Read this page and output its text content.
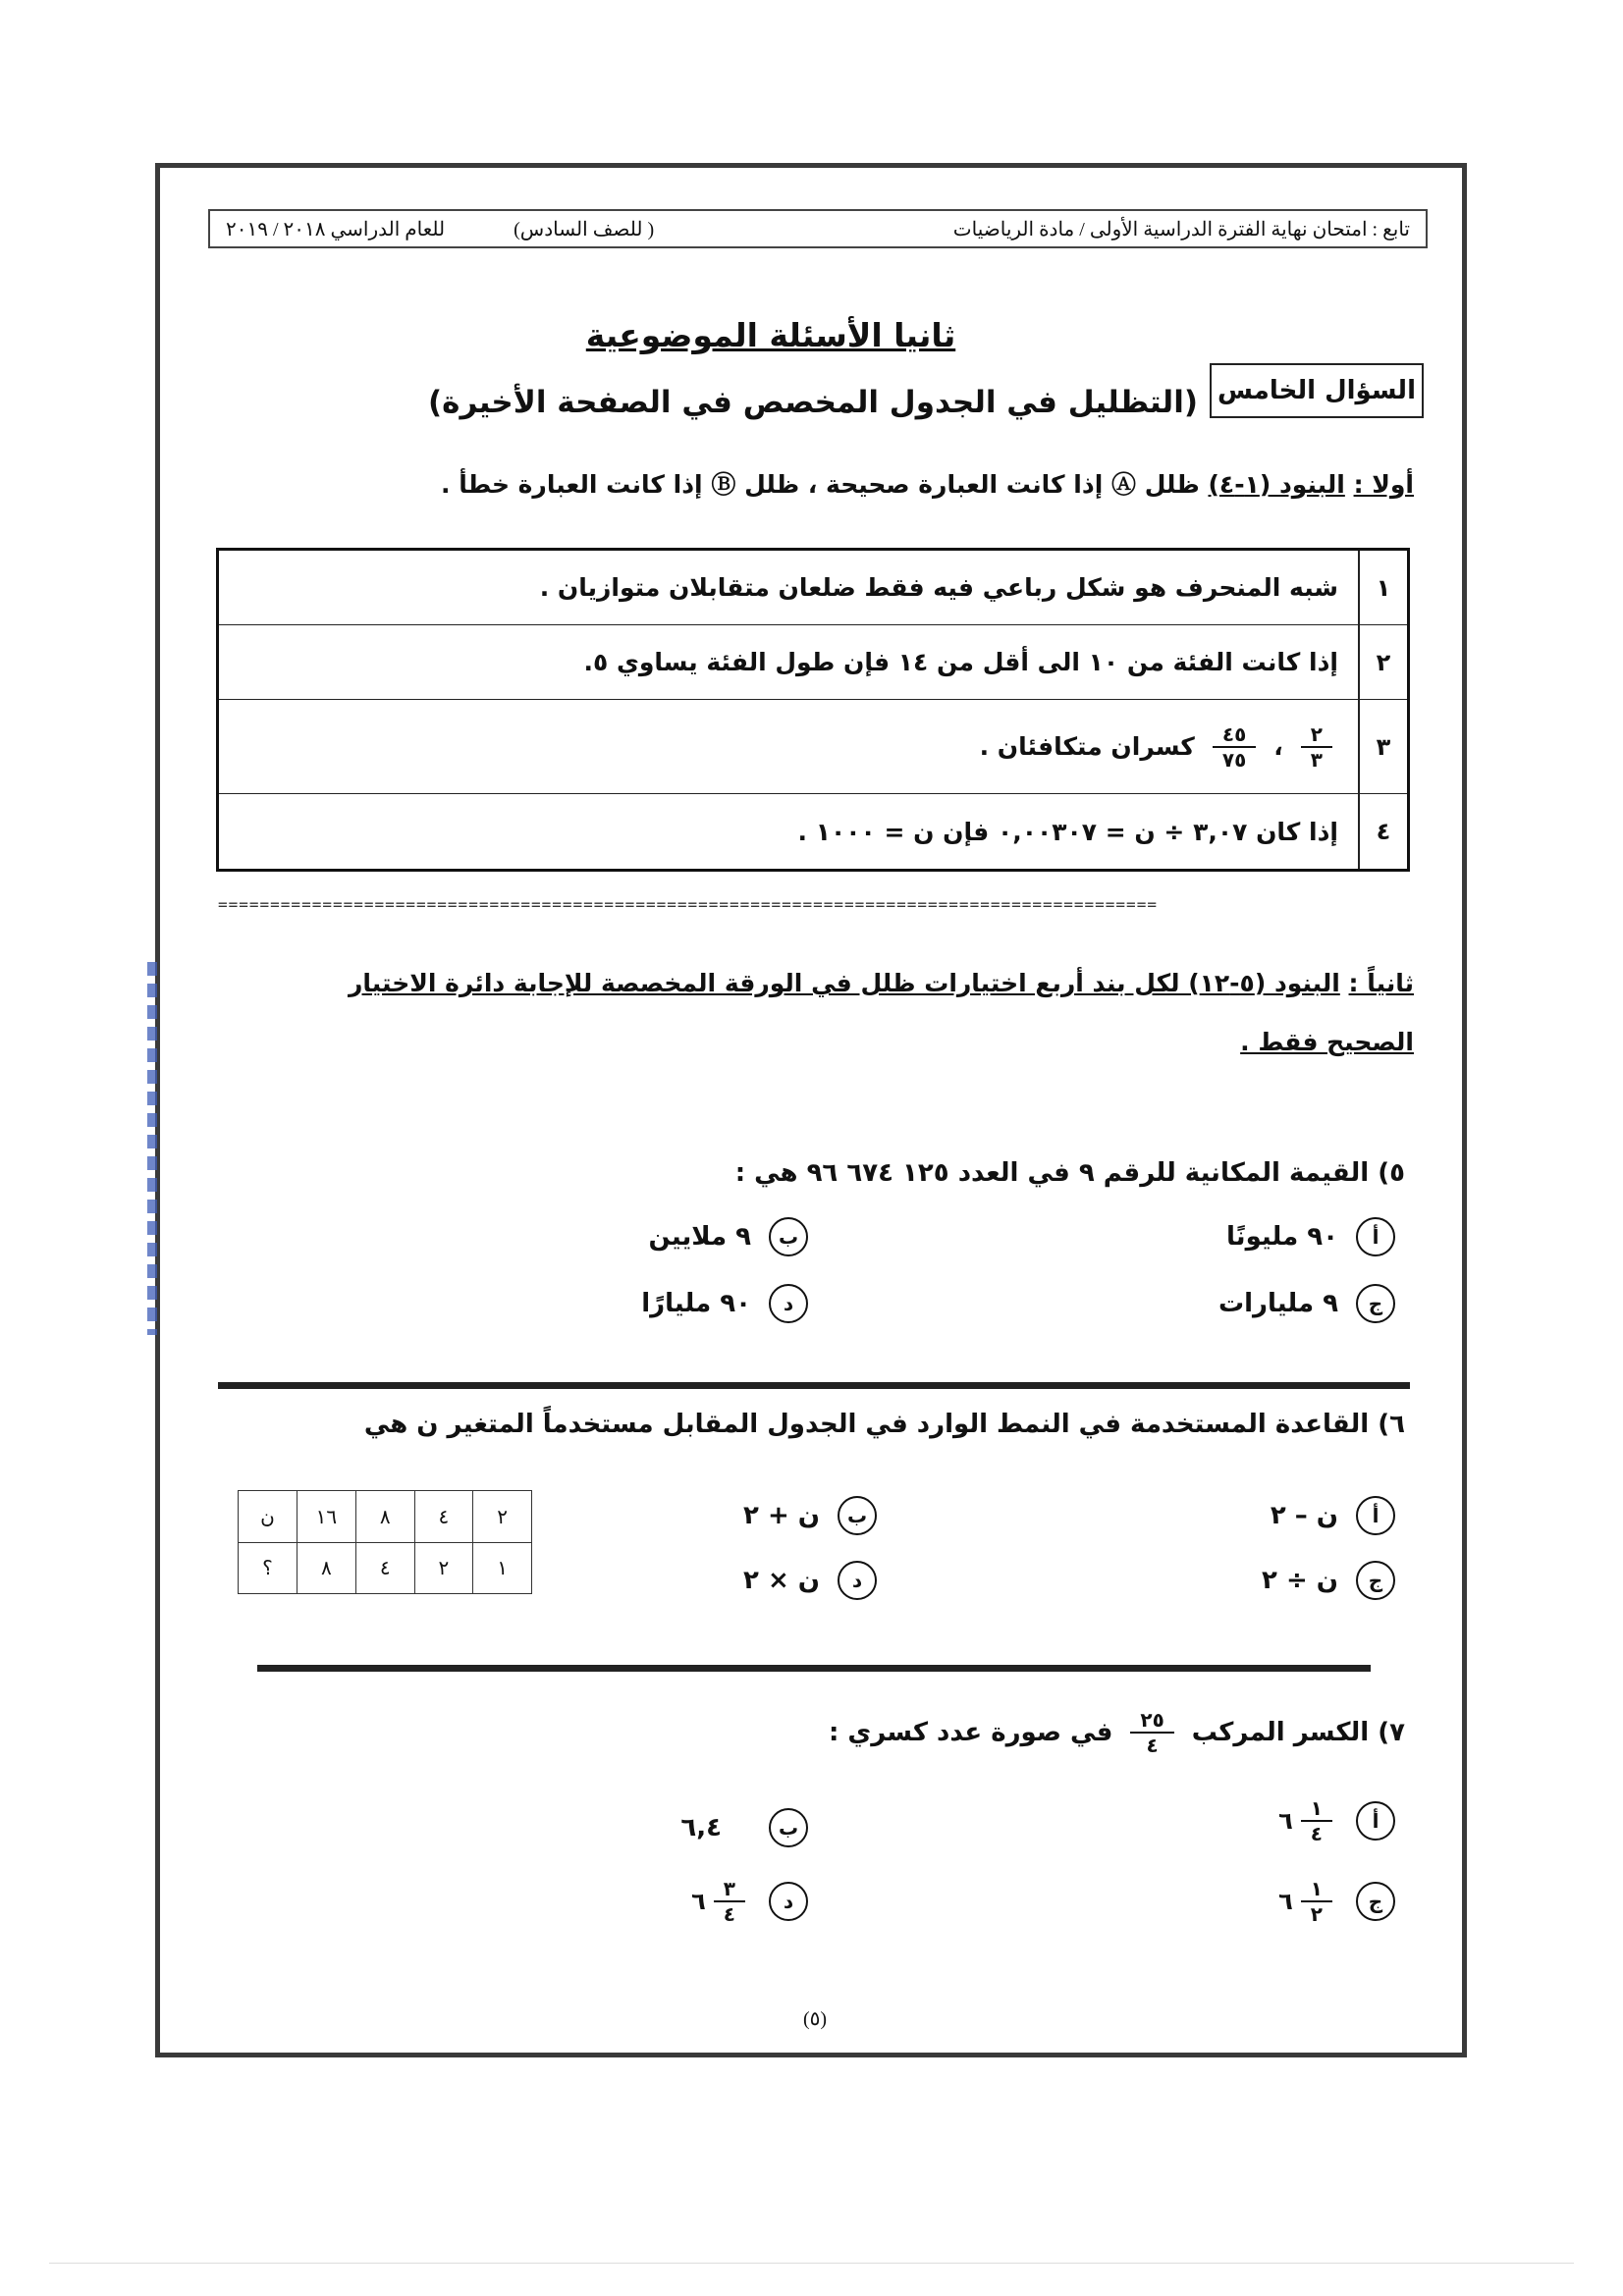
تابع : امتحان نهاية الفترة الدراسية الأولى / مادة الرياضيات
( للصف السادس)
للعام الدراسي ٢٠١٨ / ٢٠١٩
ثانيا الأسئلة الموضوعية
السؤال الخامس
(التظليل في الجدول المخصص في الصفحة الأخيرة)
أولا : البنود (١-٤) ظلل Ⓐ إذا كانت العبارة صحيحة ، ظلل Ⓑ إذا كانت العبارة خطأ .
١
شبه المنحرف هو شكل رباعي فيه فقط ضلعان متقابلان متوازيان .
٢
إذا كانت الفئة من ١٠ الى أقل من ١٤ فإن طول الفئة يساوي ٥.
٣
$\frac{٢}{٣}$
،
$\frac{٤٥}{٧٥}$
كسران متكافئان .
٤
إذا كان ٣,٠٧ ÷ ن = ٠,٠٠٣٠٧ فإن ن = ١٠٠٠ .
==========================================================================================
ثانياً : البنود (٥-١٢) لكل بند أربع اختيارات ظلل في الورقة المخصصة للإجابة دائرة الاختيار الصحيح فقط .
٥) القيمة المكانية للرقم ٩ في العدد ١٢٥ ٦٧٤ ٩٦ هي :
أ
٩٠ مليونًا
ب
٩ ملايين
ج
٩ مليارات
د
٩٠ مليارًا
٦) القاعدة المستخدمة في النمط الوارد في الجدول المقابل مستخدماً المتغير ن هي
أ
ن – ٢
ب
ن + ٢
ج
ن ÷ ٢
د
ن × ٢
٢	٤	٨	١٦	ن
١	٢	٤	٨	؟
٧) الكسر المركب
$\frac{٢٥}{٤}$
في صورة عدد كسري :
أ
٦ $\frac{١}{٤}$
ب
٦,٤
ج
٦ $\frac{١}{٢}$
د
٦ $\frac{٣}{٤}$
(٥)
